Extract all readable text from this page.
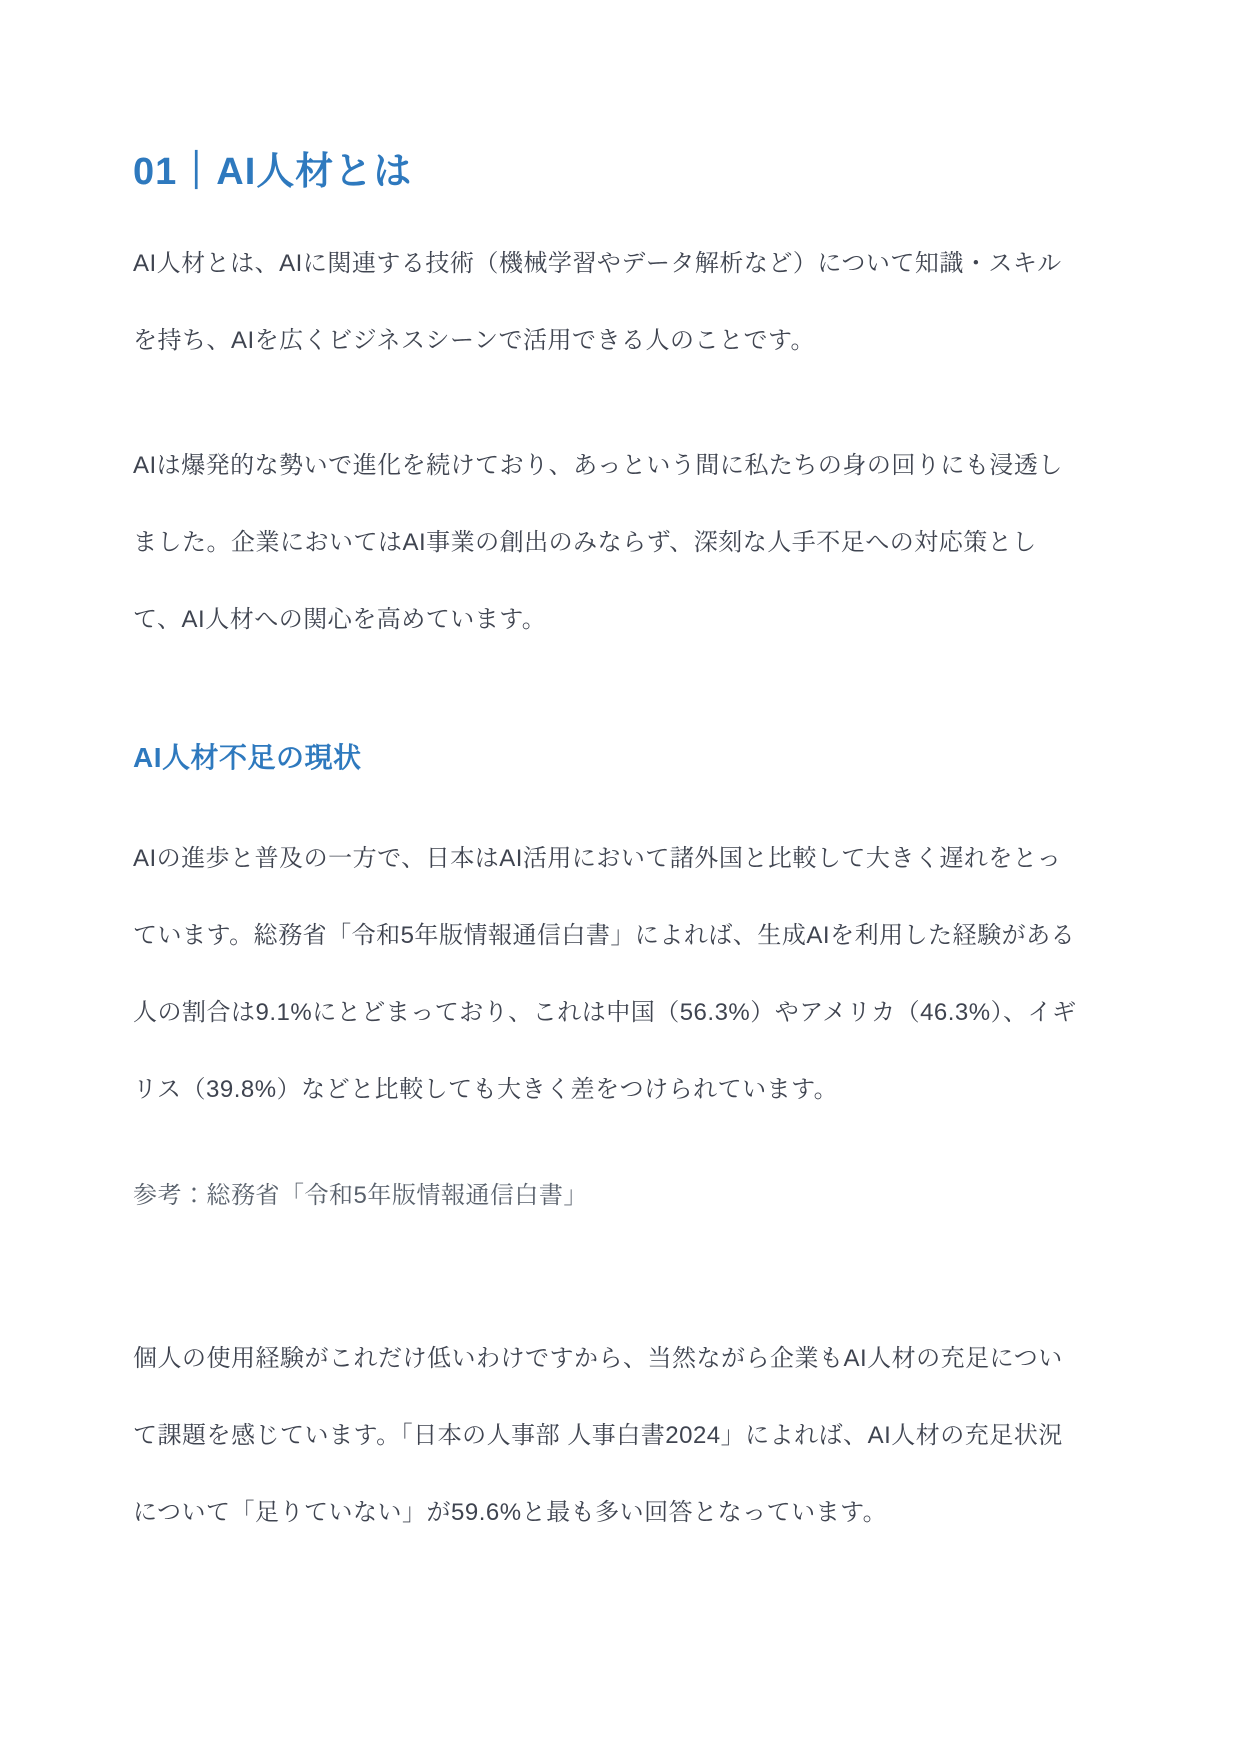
01｜AI人材とは

AI人材とは、AIに関連する技術（機械学習やデータ解析など）について知識・スキルを持ち、AIを広くビジネスシーンで活用できる人のことです。

AIは爆発的な勢いで進化を続けており、あっという間に私たちの身の回りにも浸透しました。企業においてはAI事業の創出のみならず、深刻な人手不足への対応策として、AI人材への関心を高めています。

AI人材不足の現状

AIの進歩と普及の一方で、日本はAI活用において諸外国と比較して大きく遅れをとっています。総務省「令和5年版情報通信白書」によれば、生成AIを利用した経験がある人の割合は9.1%にとどまっており、これは中国（56.3%）やアメリカ（46.3%）、イギリス（39.8%）などと比較しても大きく差をつけられています。

参考：総務省「令和5年版情報通信白書」

個人の使用経験がこれだけ低いわけですから、当然ながら企業もAI人材の充足について課題を感じています。「日本の人事部 人事白書2024」によれば、AI人材の充足状況について「足りていない」が59.6%と最も多い回答となっています。
